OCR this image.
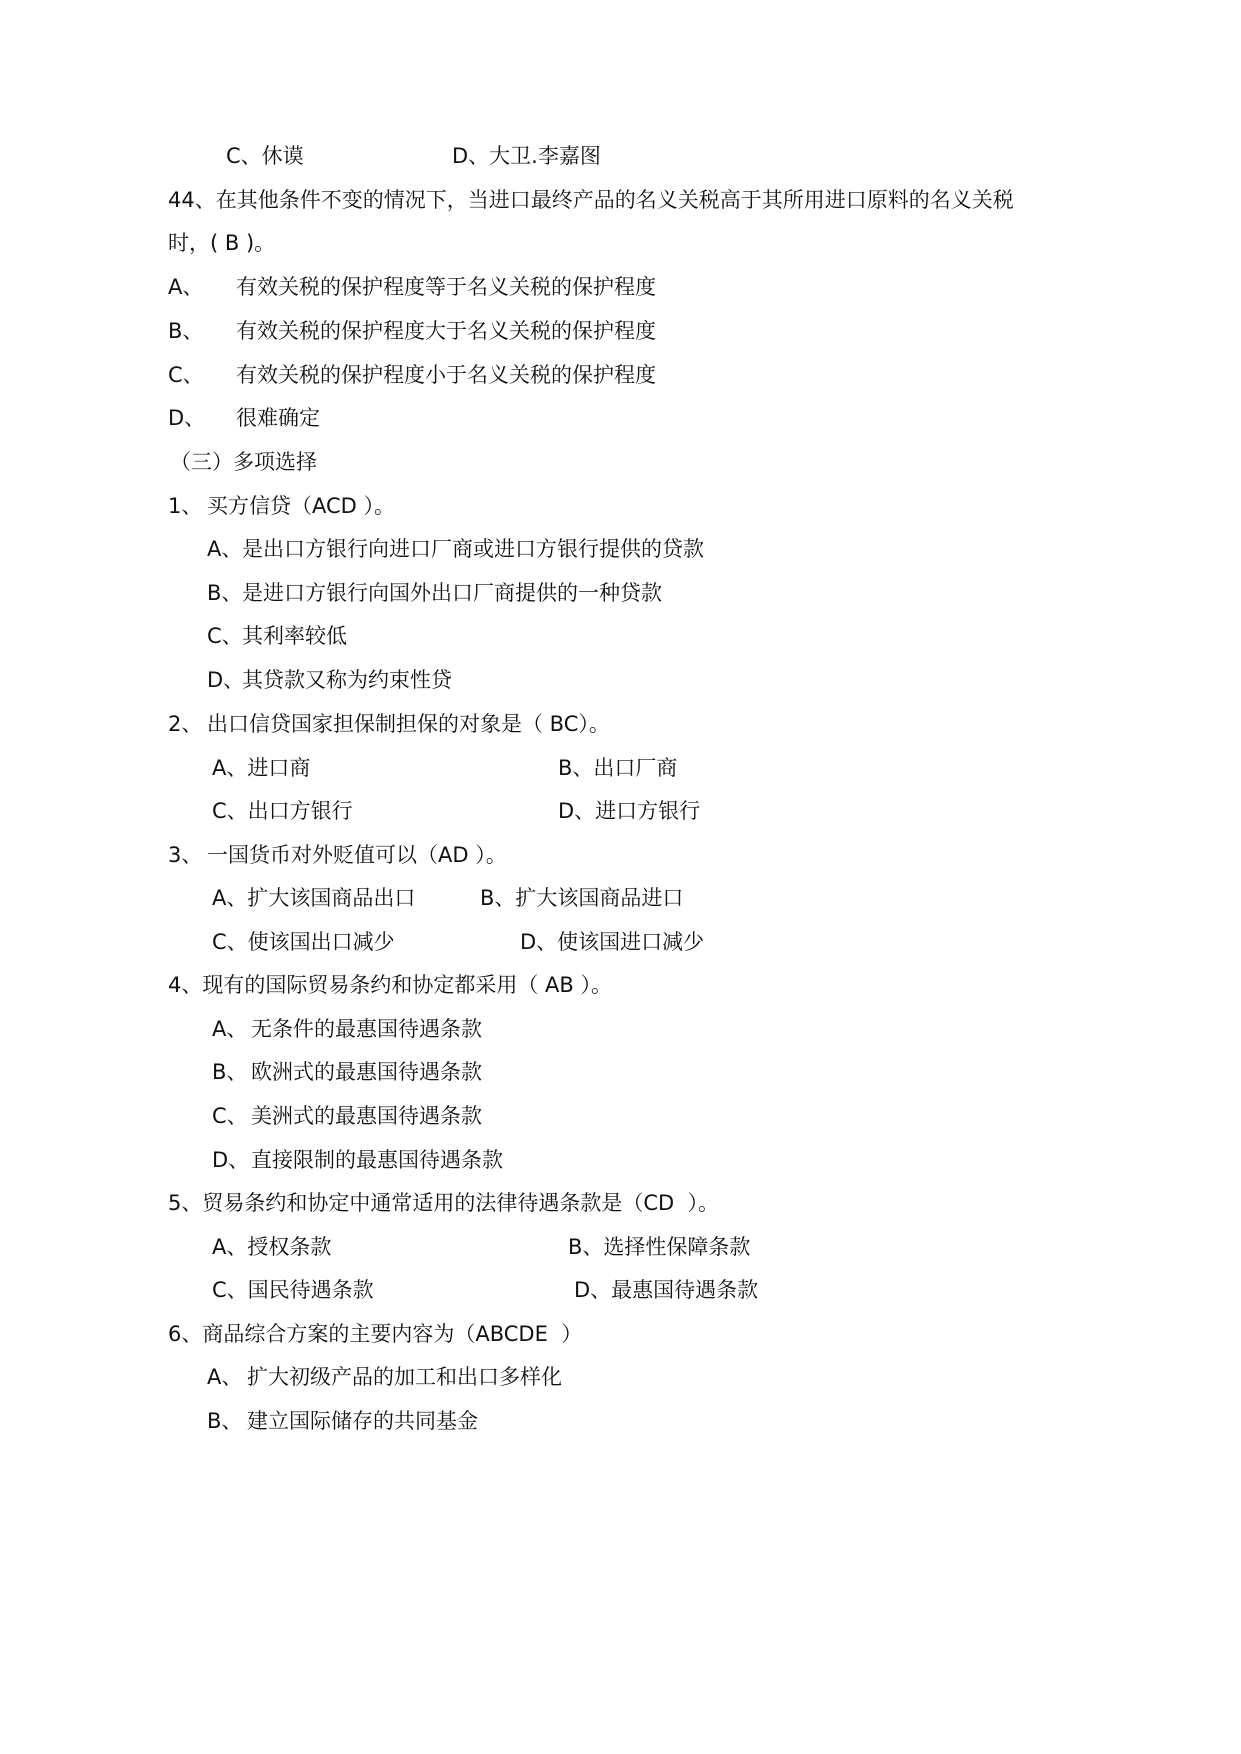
C、休谟	D、大卫.李嘉图
44、在其他条件不变的情况下，当进口最终产品的名义关税高于其所用进口原料的名义关税
时，( B )。
A、 有效关税的保护程度等于名义关税的保护程度
B、 有效关税的保护程度大于名义关税的保护程度
C、 有效关税的保护程度小于名义关税的保护程度
D、 很难确定
（三）多项选择
1、 买方信贷（ACD ）。
A、 是出口方银行向进口厂商或进口方银行提供的贷款
B、 是进口方银行向国外出口厂商提供的一种贷款
C、 其利率较低
D、
其贷款又称为约束性贷
2、 出口信贷国家担保制担保的对象是（ BC）。
A、进口商	B、出口厂商
C、出口方银行	D、进口方银行
3、 一国货币对外贬值可以（AD ）。
A、扩大该国商品出口	B、扩大该国商品进口
C、使该国出口减少	D、使该国进口减少
4、现有的国际贸易条约和协定都采用（ AB ）。
A、 无条件的最惠国待遇条款
B、 欧洲式的最惠国待遇条款
C、 美洲式的最惠国待遇条款
D、 直接限制的最惠国待遇条款
5、贸易条约和协定中通常适用的法律待遇条款是（CD  ）。
A、授权条款	B、选择性保障条款
C、国民待遇条款	D、最惠国待遇条款
6、商品综合方案的主要内容为（ABCDE  ）
A、 扩大初级产品的加工和出口多样化
B、 建立国际储存的共同基金
